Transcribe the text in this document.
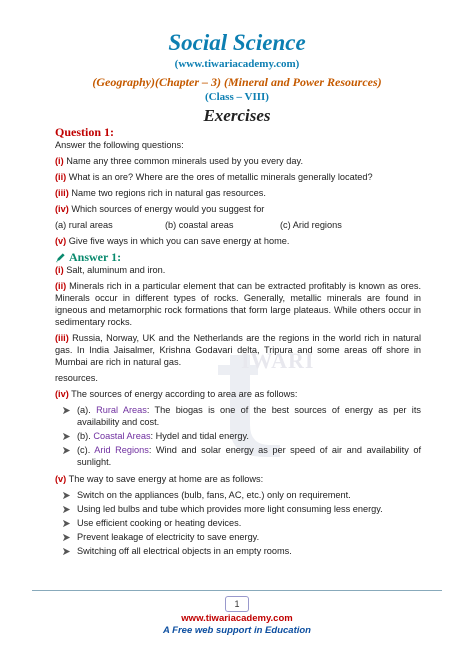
IWARI
Social Science
(www.tiwariacademy.com)
(Geography)(Chapter – 3) (Mineral and Power Resources)
(Class – VIII)
Exercises
Question 1:
Answer the following questions:
(i) Name any three common minerals used by you every day.
(ii) What is an ore? Where are the ores of metallic minerals generally located?
(iii) Name two regions rich in natural gas resources.
(iv) Which sources of energy would you suggest for
(a) rural areas	(b) coastal areas	(c) Arid regions
(v) Give five ways in which you can save energy at home.
Answer 1:
(i) Salt, aluminum and iron.
(ii) Minerals rich in a particular element that can be extracted profitably is known as ores. Minerals occur in different types of rocks. Generally, metallic minerals are found in igneous and metamorphic rock formations that form large plateaus. While others occur in sedimentary rocks.
(iii) Russia, Norway, UK and the Netherlands are the regions in the world rich in natural gas. In India Jaisalmer, Krishna Godavari delta, Tripura and some areas off shore in Mumbai are rich in natural gas.
resources.
(iv) The sources of energy according to area are as follows:
(a). Rural Areas: The biogas is one of the best sources of energy as per its availability and cost.
(b). Coastal Areas: Hydel and tidal energy.
(c). Arid Regions: Wind and solar energy as per speed of air and availability of sunlight.
(v) The way to save energy at home are as follows:
Switch on the appliances (bulb, fans, AC, etc.) only on requirement.
Using led bulbs and tube which provides more light consuming less energy.
Use efficient cooking or heating devices.
Prevent leakage of electricity to save energy.
Switching off all electrical objects in an empty rooms.
1
www.tiwariacademy.com
A Free web support in Education
